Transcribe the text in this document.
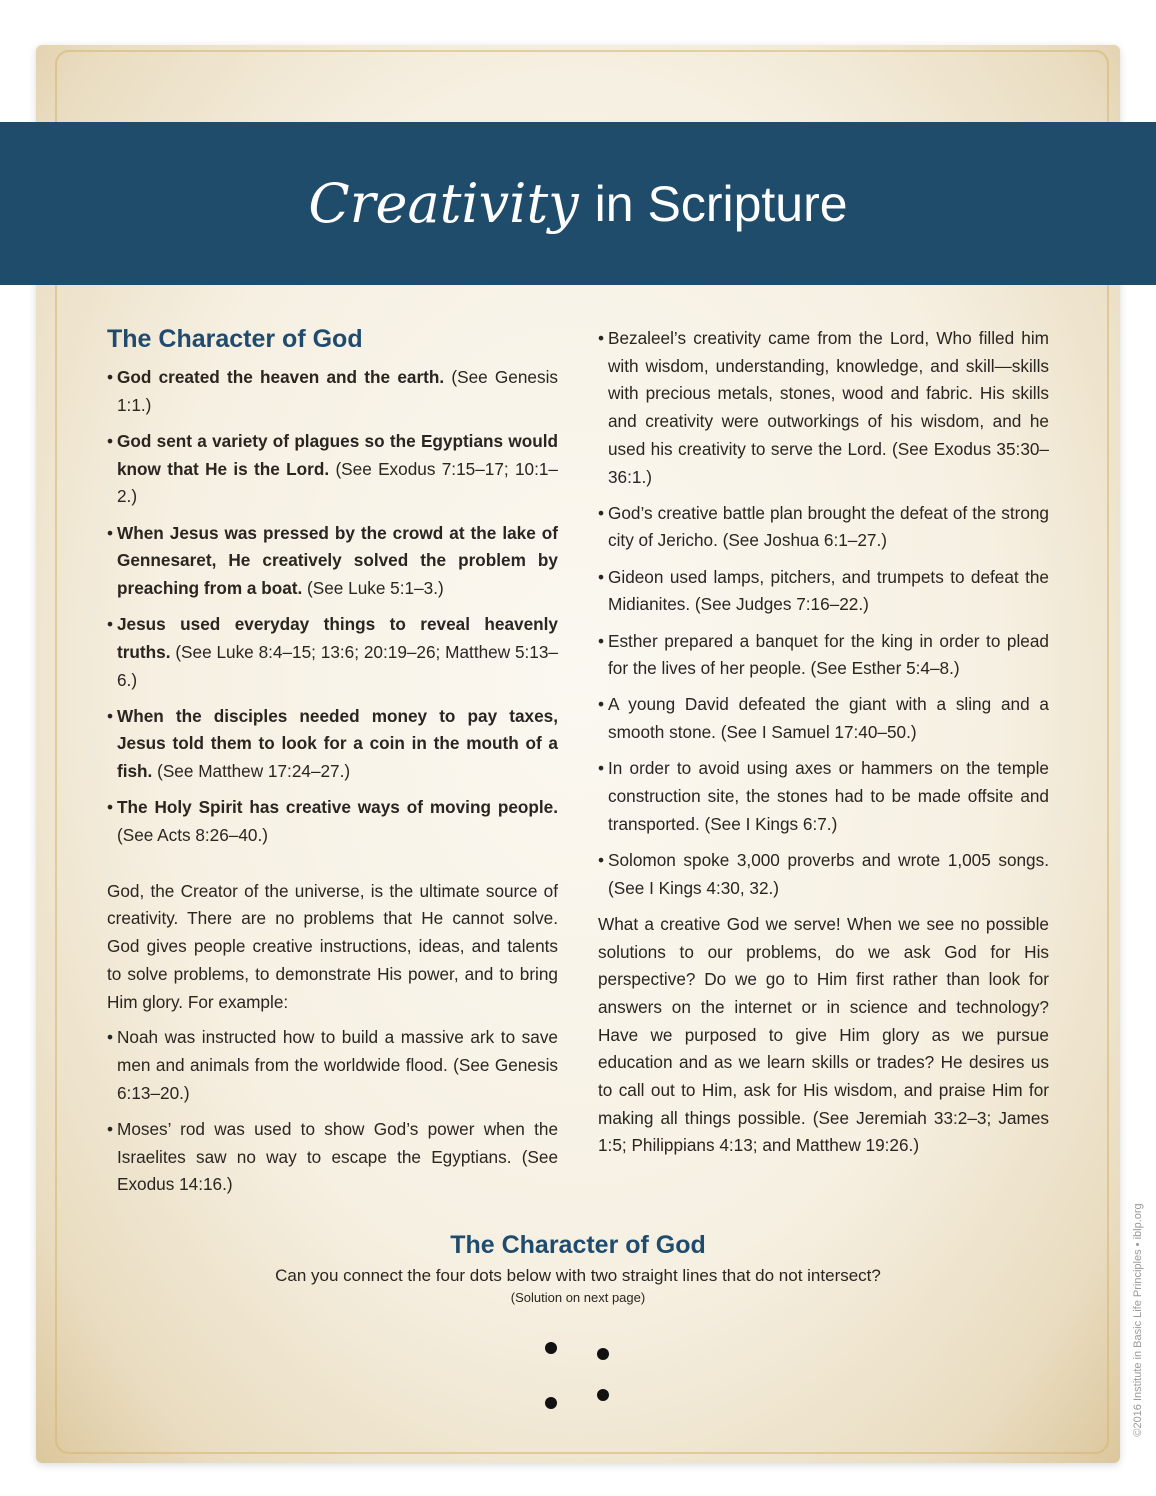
Creativity in Scripture
The Character of God
• God created the heaven and the earth. (See Genesis 1:1.)
• God sent a variety of plagues so the Egyptians would know that He is the Lord. (See Exodus 7:15–17; 10:1–2.)
• When Jesus was pressed by the crowd at the lake of Gennesaret, He creatively solved the problem by preaching from a boat. (See Luke 5:1–3.)
• Jesus used everyday things to reveal heavenly truths. (See Luke 8:4–15; 13:6; 20:19–26; Matthew 5:13–6.)
• When the disciples needed money to pay taxes, Jesus told them to look for a coin in the mouth of a fish. (See Matthew 17:24–27.)
• The Holy Spirit has creative ways of moving people. (See Acts 8:26–40.)
God, the Creator of the universe, is the ultimate source of creativity. There are no problems that He cannot solve. God gives people creative instructions, ideas, and talents to solve problems, to demonstrate His power, and to bring Him glory. For example:
• Noah was instructed how to build a massive ark to save men and animals from the worldwide flood. (See Genesis 6:13–20.)
• Moses’ rod was used to show God’s power when the Israelites saw no way to escape the Egyptians. (See Exodus 14:16.)
• Bezaleel’s creativity came from the Lord, Who filled him with wisdom, understanding, knowledge, and skill—skills with precious metals, stones, wood and fabric. His skills and creativity were outworkings of his wisdom, and he used his creativity to serve the Lord. (See Exodus 35:30–36:1.)
• God’s creative battle plan brought the defeat of the strong city of Jericho. (See Joshua 6:1–27.)
• Gideon used lamps, pitchers, and trumpets to defeat the Midianites. (See Judges 7:16–22.)
• Esther prepared a banquet for the king in order to plead for the lives of her people. (See Esther 5:4–8.)
• A young David defeated the giant with a sling and a smooth stone. (See I Samuel 17:40–50.)
• In order to avoid using axes or hammers on the temple construction site, the stones had to be made offsite and transported. (See I Kings 6:7.)
• Solomon spoke 3,000 proverbs and wrote 1,005 songs. (See I Kings 4:30, 32.)
What a creative God we serve! When we see no possible solutions to our problems, do we ask God for His perspective? Do we go to Him first rather than look for answers on the internet or in science and technology? Have we purposed to give Him glory as we pursue education and as we learn skills or trades? He desires us to call out to Him, ask for His wisdom, and praise Him for making all things possible. (See Jeremiah 33:2–3; James 1:5; Philippians 4:13; and Matthew 19:26.)
The Character of God
Can you connect the four dots below with two straight lines that do not intersect?
(Solution on next page)	©2016 Institute in Basic Life Principles • iblp.org
